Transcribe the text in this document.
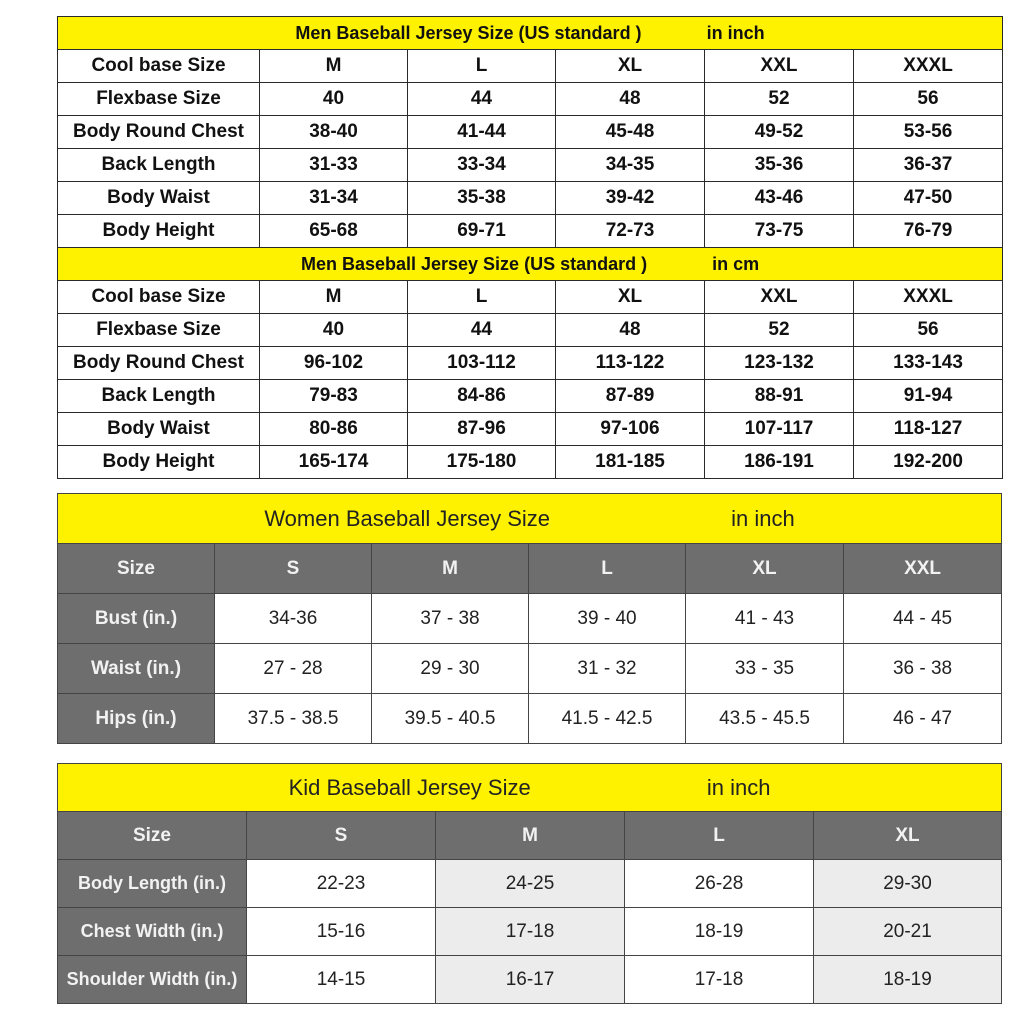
Men Baseball Jersey Size (US standard ) in inch					
Cool base Size	M	L	XL	XXL	XXXL
Flexbase Size	40	44	48	52	56
Body Round Chest	38-40	41-44	45-48	49-52	53-56
Back Length	31-33	33-34	34-35	35-36	36-37
Body Waist	31-34	35-38	39-42	43-46	47-50
Body Height	65-68	69-71	72-73	73-75	76-79
Men Baseball Jersey Size (US standard ) in cm					
Cool base Size	M	L	XL	XXL	XXXL
Flexbase Size	40	44	48	52	56
Body Round Chest	96-102	103-112	113-122	123-132	133-143
Back Length	79-83	84-86	87-89	88-91	91-94
Body Waist	80-86	87-96	97-106	107-117	118-127
Body Height	165-174	175-180	181-185	186-191	192-200
Women Baseball Jersey Size in inch					
Size	S	M	L	XL	XXL
Bust (in.)	34-36	37 - 38	39 - 40	41 - 43	44 - 45
Waist (in.)	27 - 28	29 - 30	31 - 32	33 - 35	36 - 38
Hips (in.)	37.5 - 38.5	39.5 - 40.5	41.5 - 42.5	43.5 - 45.5	46 - 47
Kid Baseball Jersey Size in inch				
Size	S	M	L	XL
Body Length (in.)	22-23	24-25	26-28	29-30
Chest Width (in.)	15-16	17-18	18-19	20-21
Shoulder Width (in.)	14-15	16-17	17-18	18-19
